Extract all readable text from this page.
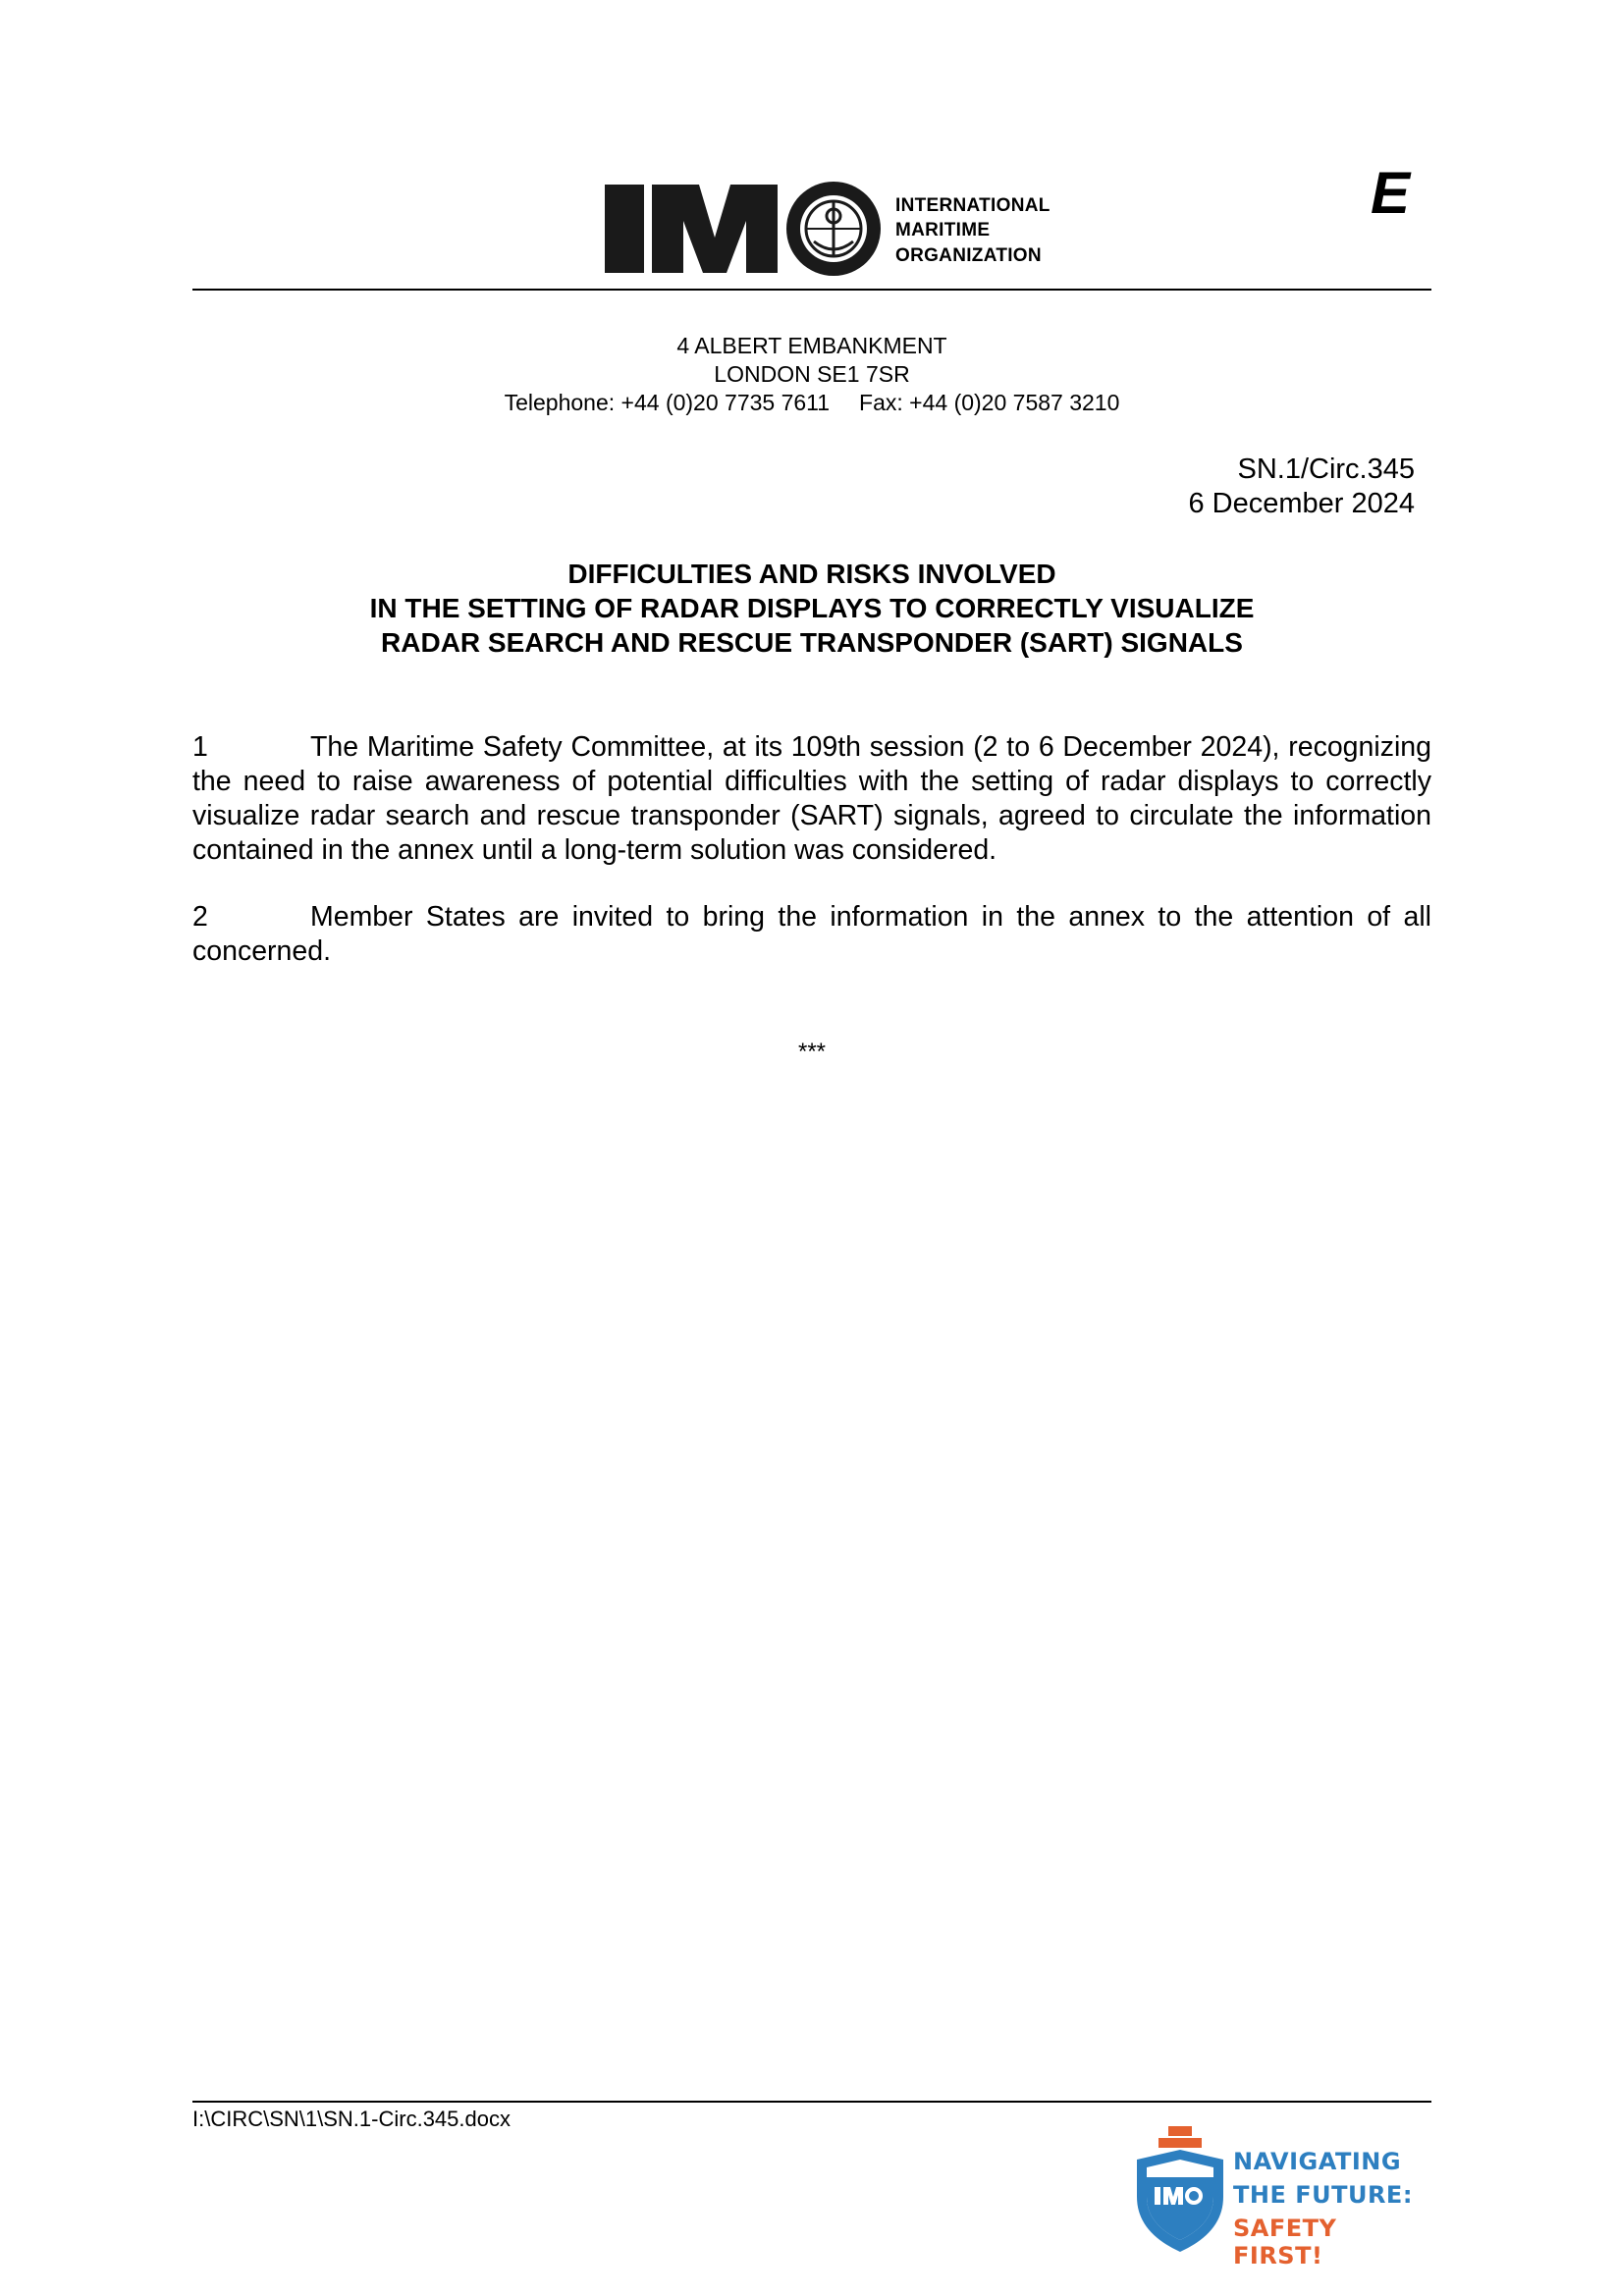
INTERNATIONAL
MARITIME
ORGANIZATION
E
4 ALBERT EMBANKMENT
LONDON SE1 7SR
Telephone: +44 (0)20 7735 7611 Fax: +44 (0)20 7587 3210
SN.1/Circ.345
6 December 2024
DIFFICULTIES AND RISKS INVOLVED
IN THE SETTING OF RADAR DISPLAYS TO CORRECTLY VISUALIZE
RADAR SEARCH AND RESCUE TRANSPONDER (SART) SIGNALS
1	The Maritime Safety Committee, at its 109th session (2 to 6 December 2024), recognizing the need to raise awareness of potential difficulties with the setting of radar displays to correctly visualize radar search and rescue transponder (SART) signals, agreed to circulate the information contained in the annex until a long-term solution was considered.
2	Member States are invited to bring the information in the annex to the attention of all concerned.
***
I:\CIRC\SN\1\SN.1-Circ.345.docx
NAVIGATING
THE FUTURE:
SAFETY FIRST!
